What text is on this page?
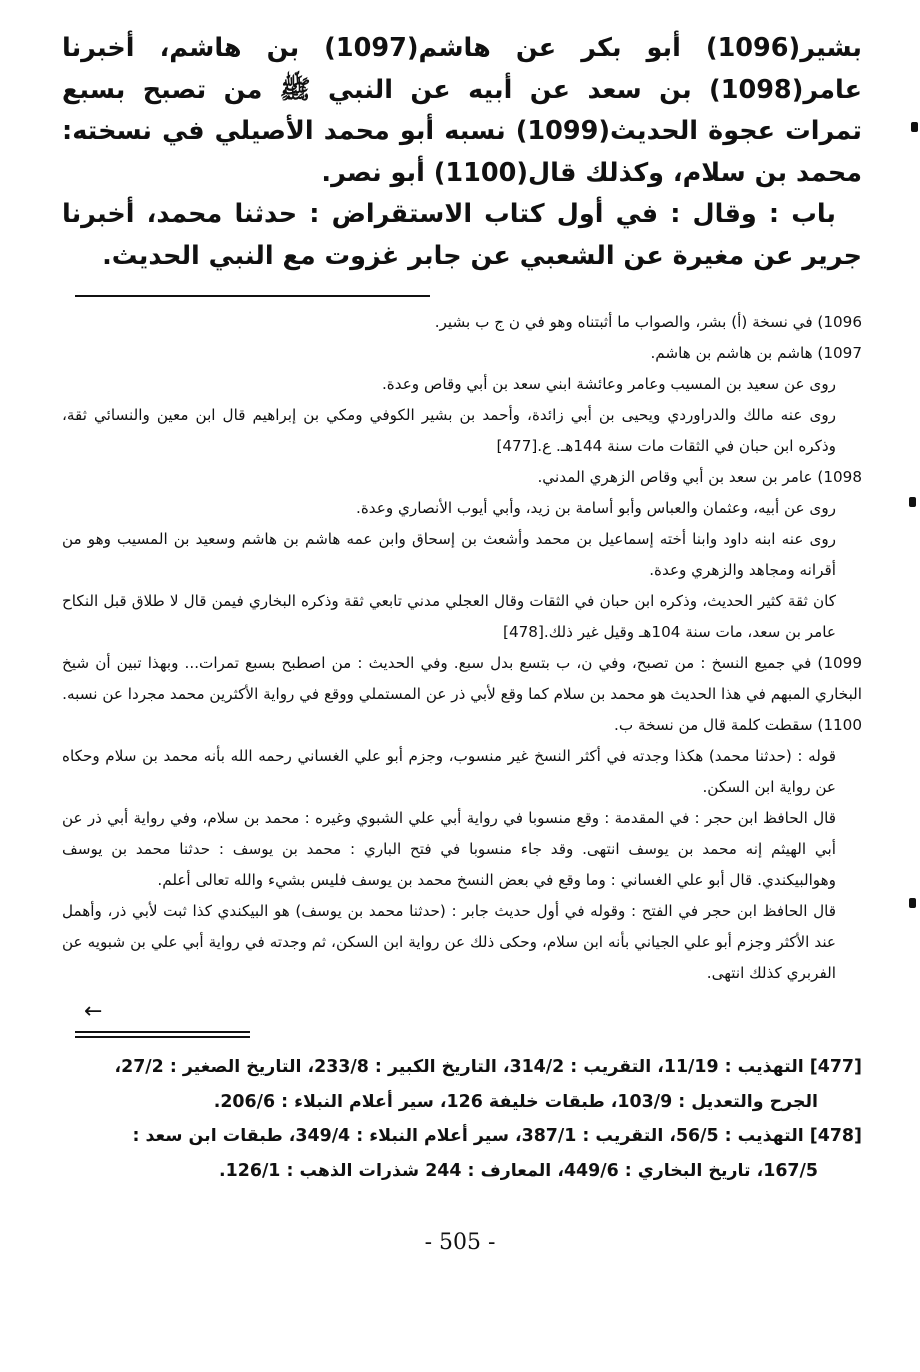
بشير(1096) أبو بكر عن هاشم(1097) بن هاشم، أخبرنا عامر(1098) بن سعد عن أبيه عن النبي ﷺ من تصبح بسبع تمرات عجوة الحديث(1099) نسبه أبو محمد الأصيلي في نسخته: محمد بن سلام، وكذلك قال(1100) أبو نصر.

باب : وقال : في أول كتاب الاستقراض : حدثنا محمد، أخبرنا جرير عن مغيرة عن الشعبي عن جابر غزوت مع النبي الحديث.

1096) في نسخة (أ) بشر، والصواب ما أثبتناه وهو في ن ج ب بشير.

1097) هاشم بن هاشم بن هاشم.

روى عن سعيد بن المسيب وعامر وعائشة ابني سعد بن أبي وقاص وعدة.

روى عنه مالك والدراوردي ويحيى بن أبي زائدة، وأحمد بن بشير الكوفي ومكي بن إبراهيم قال ابن معين والنسائي ثقة، وذكره ابن حبان في الثقات مات سنة 144هـ. ع.[477]

1098) عامر بن سعد بن أبي وقاص الزهري المدني.

روى عن أبيه، وعثمان والعباس وأبو أسامة بن زيد، وأبي أيوب الأنصاري وعدة.

روى عنه ابنه داود وابنا أخته إسماعيل بن محمد وأشعث بن إسحاق وابن عمه هاشم بن هاشم وسعيد بن المسيب وهو من أقرانه ومجاهد والزهري وعدة.

كان ثقة كثير الحديث، وذكره ابن حبان في الثقات وقال العجلي مدني تابعي ثقة وذكره البخاري فيمن قال لا طلاق قبل النكاح عامر بن سعد، مات سنة 104هـ وقيل غير ذلك.[478]

1099) في جميع النسخ : من تصبح، وفي ن، ب بتسع بدل سبع. وفي الحديث : من اصطبح بسبع تمرات... وبهذا تبين أن شيخ البخاري المبهم في هذا الحديث هو محمد بن سلام كما وقع لأبي ذر عن المستملي ووقع في رواية الأكثرين محمد مجردا عن نسبه.

1100) سقطت كلمة قال من نسخة ب.

قوله : (حدثنا محمد) هكذا وجدته في أكثر النسخ غير منسوب، وجزم أبو علي الغساني رحمه الله بأنه محمد بن سلام وحكاه عن رواية ابن السكن.

قال الحافظ ابن حجر : في المقدمة : وقع منسوبا في رواية أبي علي الشبوي وغيره : محمد بن سلام، وفي رواية أبي ذر عن أبي الهيثم إنه محمد بن يوسف انتهى. وقد جاء منسوبا في فتح الباري : محمد بن يوسف : حدثنا محمد بن يوسف وهوالبيكندي. قال أبو علي الغساني : وما وقع في بعض النسخ محمد بن يوسف فليس بشيء والله تعالى أعلم.

قال الحافظ ابن حجر في الفتح : وقوله في أول حديث جابر : (حدثنا محمد بن يوسف) هو البيكندي كذا ثبت لأبي ذر، وأهمل عند الأكثر وجزم أبو علي الجياني بأنه ابن سلام، وحكى ذلك عن رواية ابن السكن، ثم وجدته في رواية أبي علي بن شبويه عن الفربري كذلك انتهى.

←

[477] التهذيب : 11/19، التقريب : 314/2، التاريخ الكبير : 233/8، التاريخ الصغير : 27/2،

الجرح والتعديل : 103/9، طبقات خليفة 126، سير أعلام النبلاء : 206/6.

[478] التهذيب : 56/5، التقريب : 387/1، سير أعلام النبلاء : 349/4، طبقات ابن سعد :

167/5، تاريخ البخاري : 449/6، المعارف : 244 شذرات الذهب : 126/1.

- 505 -
